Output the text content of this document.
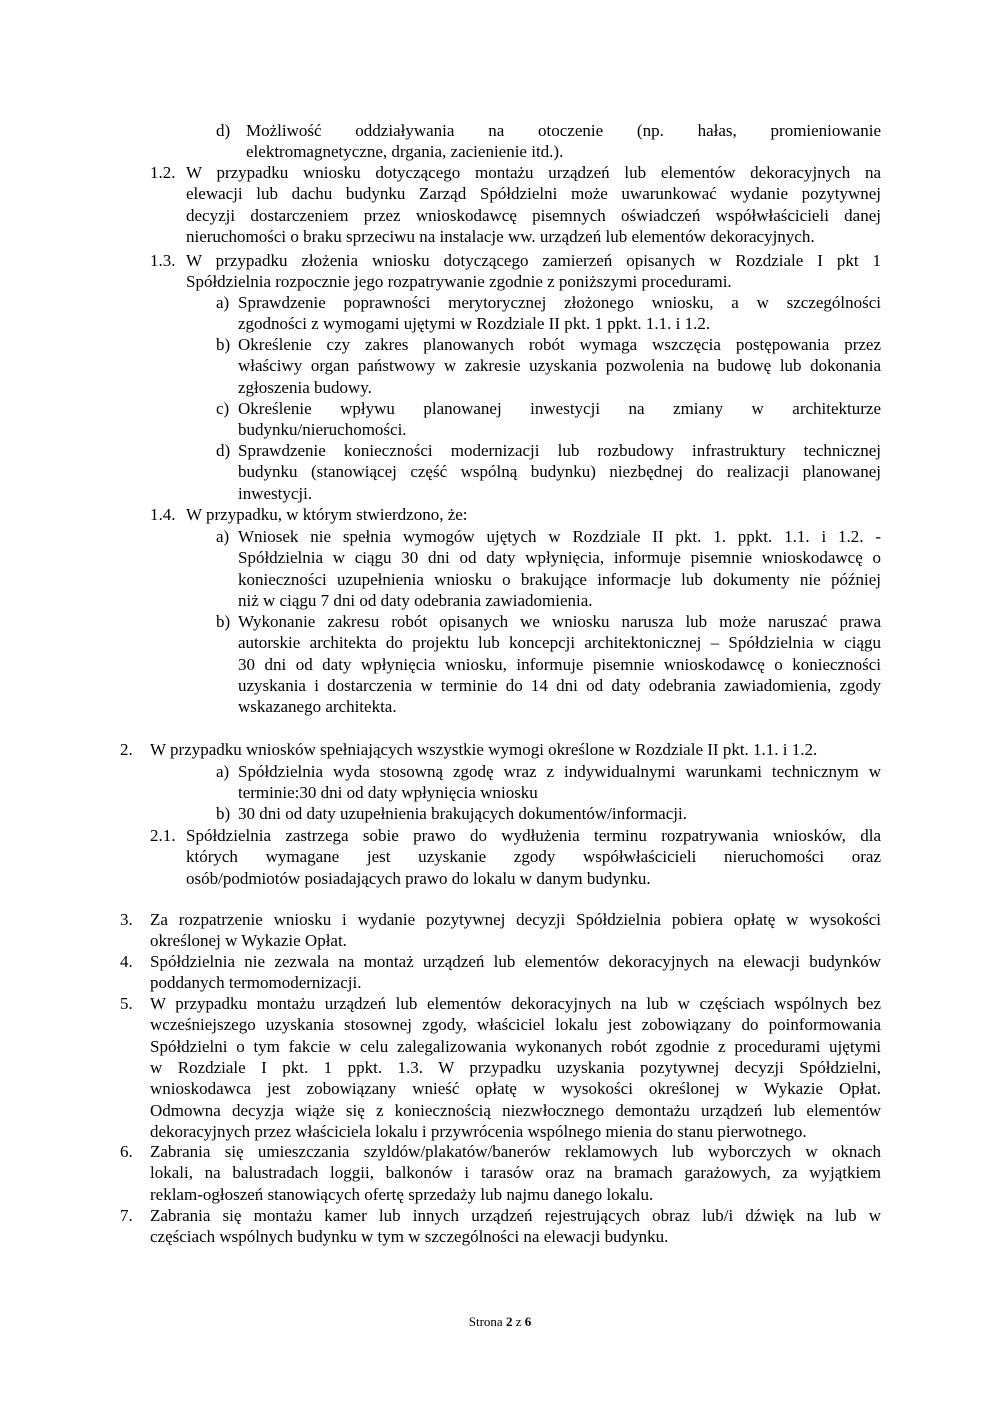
d) Możliwość oddziaływania na otoczenie (np. hałas, promieniowanie
elektromagnetyczne, drgania, zacienienie itd.).
1.2. W przypadku wniosku dotyczącego montażu urządzeń lub elementów dekoracyjnych na
elewacji lub dachu budynku Zarząd Spółdzielni może uwarunkować wydanie pozytywnej
decyzji dostarczeniem przez wnioskodawcę pisemnych oświadczeń współwłaścicieli danej
nieruchomości o braku sprzeciwu na instalacje ww. urządzeń lub elementów dekoracyjnych.
1.3. W przypadku złożenia wniosku dotyczącego zamierzeń opisanych w Rozdziale I pkt 1
Spółdzielnia rozpocznie jego rozpatrywanie zgodnie z poniższymi procedurami.
a) Sprawdzenie poprawności merytorycznej złożonego wniosku, a w szczególności
zgodności z wymogami ujętymi w Rozdziale II pkt. 1 ppkt. 1.1. i 1.2.
b) Określenie czy zakres planowanych robót wymaga wszczęcia postępowania przez
właściwy organ państwowy w zakresie uzyskania pozwolenia na budowę lub dokonania
zgłoszenia budowy.
c) Określenie wpływu planowanej inwestycji na zmiany w architekturze
budynku/nieruchomości.
d) Sprawdzenie konieczności modernizacji lub rozbudowy infrastruktury technicznej
budynku (stanowiącej część wspólną budynku) niezbędnej do realizacji planowanej
inwestycji.
1.4. W przypadku, w którym stwierdzono, że:
a) Wniosek nie spełnia wymogów ujętych w Rozdziale II pkt. 1. ppkt. 1.1. i 1.2. -
Spółdzielnia w ciągu 30 dni od daty wpłynięcia, informuje pisemnie wnioskodawcę o
konieczności uzupełnienia wniosku o brakujące informacje lub dokumenty nie później
niż w ciągu 7 dni od daty odebrania zawiadomienia.
b) Wykonanie zakresu robót opisanych we wniosku narusza lub może naruszać prawa
autorskie architekta do projektu lub koncepcji architektonicznej – Spółdzielnia w ciągu
30 dni od daty wpłynięcia wniosku, informuje pisemnie wnioskodawcę o konieczności
uzyskania i dostarczenia w terminie do 14 dni od daty odebrania zawiadomienia, zgody
wskazanego architekta.
2. W przypadku wniosków spełniających wszystkie wymogi określone w Rozdziale II pkt. 1.1. i 1.2.
a) Spółdzielnia wyda stosowną zgodę wraz z indywidualnymi warunkami technicznym w
terminie:30 dni od daty wpłynięcia wniosku
b) 30 dni od daty uzupełnienia brakujących dokumentów/informacji.
2.1. Spółdzielnia zastrzega sobie prawo do wydłużenia terminu rozpatrywania wniosków, dla
których wymagane jest uzyskanie zgody współwłaścicieli nieruchomości oraz
osób/podmiotów posiadających prawo do lokalu w danym budynku.
3. Za rozpatrzenie wniosku i wydanie pozytywnej decyzji Spółdzielnia pobiera opłatę w wysokości
określonej w Wykazie Opłat.
4. Spółdzielnia nie zezwala na montaż urządzeń lub elementów dekoracyjnych na elewacji budynków
poddanych termomodernizacji.
5. W przypadku montażu urządzeń lub elementów dekoracyjnych na lub w częściach wspólnych bez
wcześniejszego uzyskania stosownej zgody, właściciel lokalu jest zobowiązany do poinformowania
Spółdzielni o tym fakcie w celu zalegalizowania wykonanych robót zgodnie z procedurami ujętymi
w Rozdziale I pkt. 1 ppkt. 1.3. W przypadku uzyskania pozytywnej decyzji Spółdzielni,
wnioskodawca jest zobowiązany wnieść opłatę w wysokości określonej w Wykazie Opłat.
Odmowna decyzja wiąże się z koniecznością niezwłocznego demontażu urządzeń lub elementów
dekoracyjnych przez właściciela lokalu i przywrócenia wspólnego mienia do stanu pierwotnego.
6. Zabrania się umieszczania szyldów/plakatów/banerów reklamowych lub wyborczych w oknach
lokali, na balustradach loggii, balkonów i tarasów oraz na bramach garażowych, za wyjątkiem
reklam-ogłoszeń stanowiących ofertę sprzedaży lub najmu danego lokalu.
7. Zabrania się montażu kamer lub innych urządzeń rejestrujących obraz lub/i dźwięk na lub w
częściach wspólnych budynku w tym w szczególności na elewacji budynku.
Strona 2 z 6
